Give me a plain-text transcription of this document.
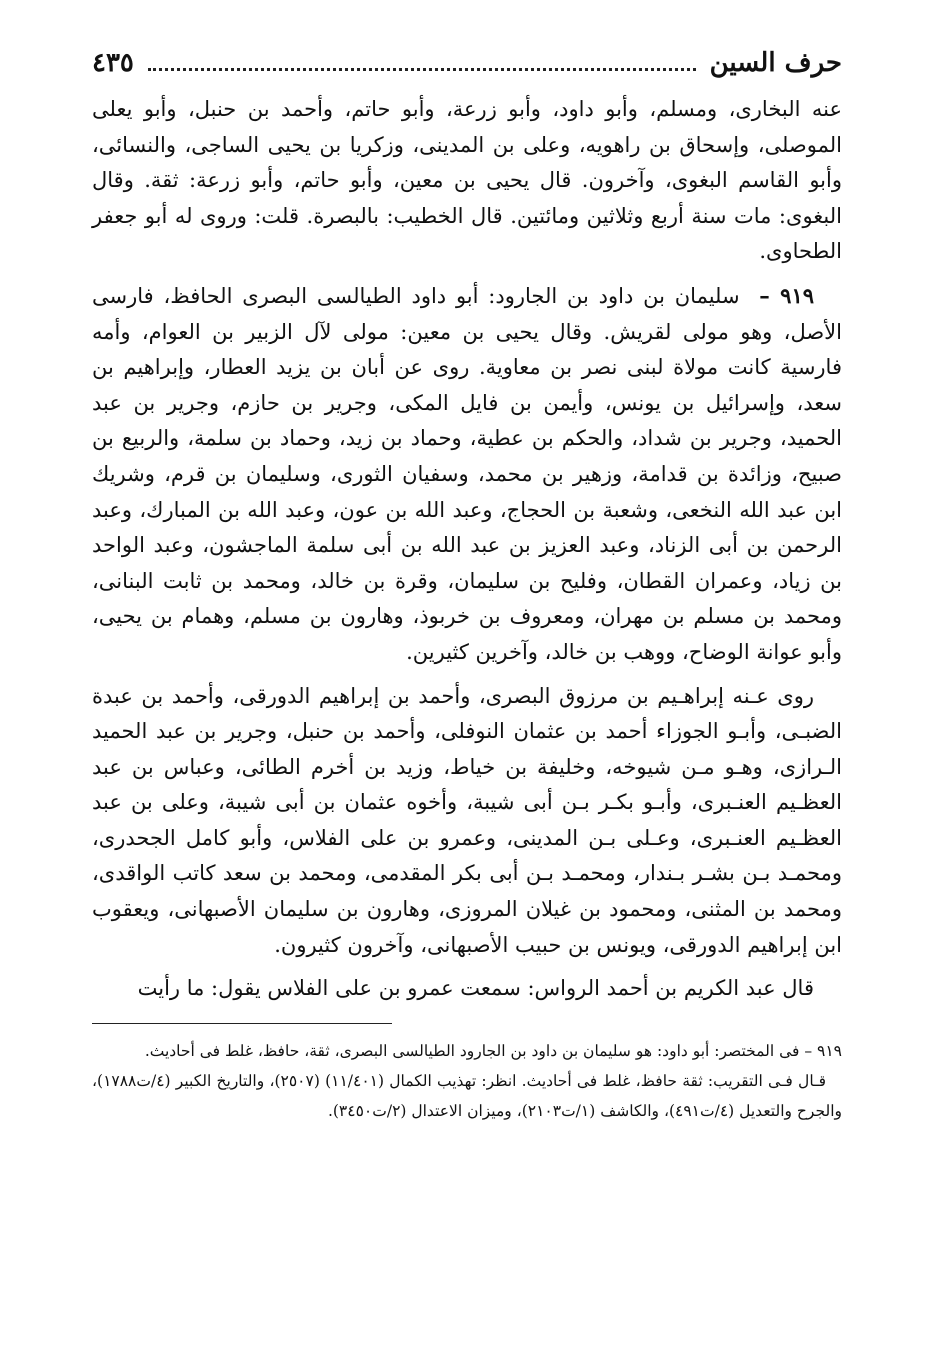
حرف السين
٤٣٥

عنه البخارى، ومسلم، وأبو داود، وأبو زرعة، وأبو حاتم، وأحمد بن حنبل، وأبو يعلى الموصلى، وإسحاق بن راهويه، وعلى بن المدينى، وزكريا بن يحيى الساجى، والنسائى، وأبو القاسم البغوى، وآخرون. قال يحيى بن معين، وأبو حاتم، وأبو زرعة: ثقة. وقال البغوى: مات سنة أربع وثلاثين ومائتين. قال الخطيب: بالبصرة. قلت: وروى له أبو جعفر الطحاوى.

٩١٩ –  سليمان بن داود بن الجارود: أبو داود الطيالسى البصرى الحافظ، فارسى الأصل، وهو مولى لقريش. وقال يحيى بن معين: مولى لآل الزبير بن العوام، وأمه فارسية كانت مولاة لبنى نصر بن معاوية. روى عن أبان بن يزيد العطار، وإبراهيم بن سعد، وإسرائيل بن يونس، وأيمن بن فايل المكى، وجرير بن حازم، وجرير بن عبد الحميد، وجرير بن شداد، والحكم بن عطية، وحماد بن زيد، وحماد بن سلمة، والربيع بن صبيح، وزائدة بن قدامة، وزهير بن محمد، وسفيان الثورى، وسليمان بن قرم، وشريك ابن عبد الله النخعى، وشعبة بن الحجاج، وعبد الله بن عون، وعبد الله بن المبارك، وعبد الرحمن بن أبى الزناد، وعبد العزيز بن عبد الله بن أبى سلمة الماجشون، وعبد الواحد بن زياد، وعمران القطان، وفليح بن سليمان، وقرة بن خالد، ومحمد بن ثابت البنانى، ومحمد بن مسلم بن مهران، ومعروف بن خربوذ، وهارون بن مسلم، وهمام بن يحيى، وأبو عوانة الوضاح، ووهب بن خالد، وآخرين كثيرين.

روى عـنه إبراهـيم بن مرزوق البصرى، وأحمد بن إبراهيم الدورقى، وأحمد بن عبدة الضبـى، وأبـو الجوزاء أحمد بن عثمان النوفلى، وأحمد بن حنبل، وجرير بن عبد الحميد الـرازى، وهـو مـن شيوخه، وخليفة بن خياط، وزيد بن أخرم الطائى، وعباس بن عبد العظـيم العنـبرى، وأبـو بكـر بـن أبى شيبة، وأخوه عثمان بن أبى شيبة، وعلى بن عبد العظـيم العنـبرى، وعـلى بـن المدينى، وعمرو بن على الفلاس، وأبو كامل الجحدرى، ومحمـد بـن بشـر بـندار، ومحمـد بـن أبى بكر المقدمى، ومحمد بن سعد كاتب الواقدى، ومحمد بن المثنى، ومحمود بن غيلان المروزى، وهارون بن سليمان الأصبهانى، ويعقوب ابن إبراهيم الدورقى، ويونس بن حبيب الأصبهانى، وآخرون كثيرون.

قال عبد الكريم بن أحمد الرواس: سمعت عمرو بن على الفلاس يقول: ما رأيت

٩١٩ – فى المختصر: أبو داود: هو سليمان بن داود بن الجارود الطيالسى البصرى، ثقة، حافظ، غلط فى أحاديث.

قـال فـى التقريب: ثقة حافظ، غلط فى أحاديث. انظر: تهذيب الكمال (١١/٤٠١) (٢٥٠٧)، والتاريخ الكبير (٤/ت١٧٨٨)، والجرح والتعديل (٤/ت٤٩١)، والكاشف (١/ت٢١٠٣)، وميزان الاعتدال (٢/ت٣٤٥٠).
